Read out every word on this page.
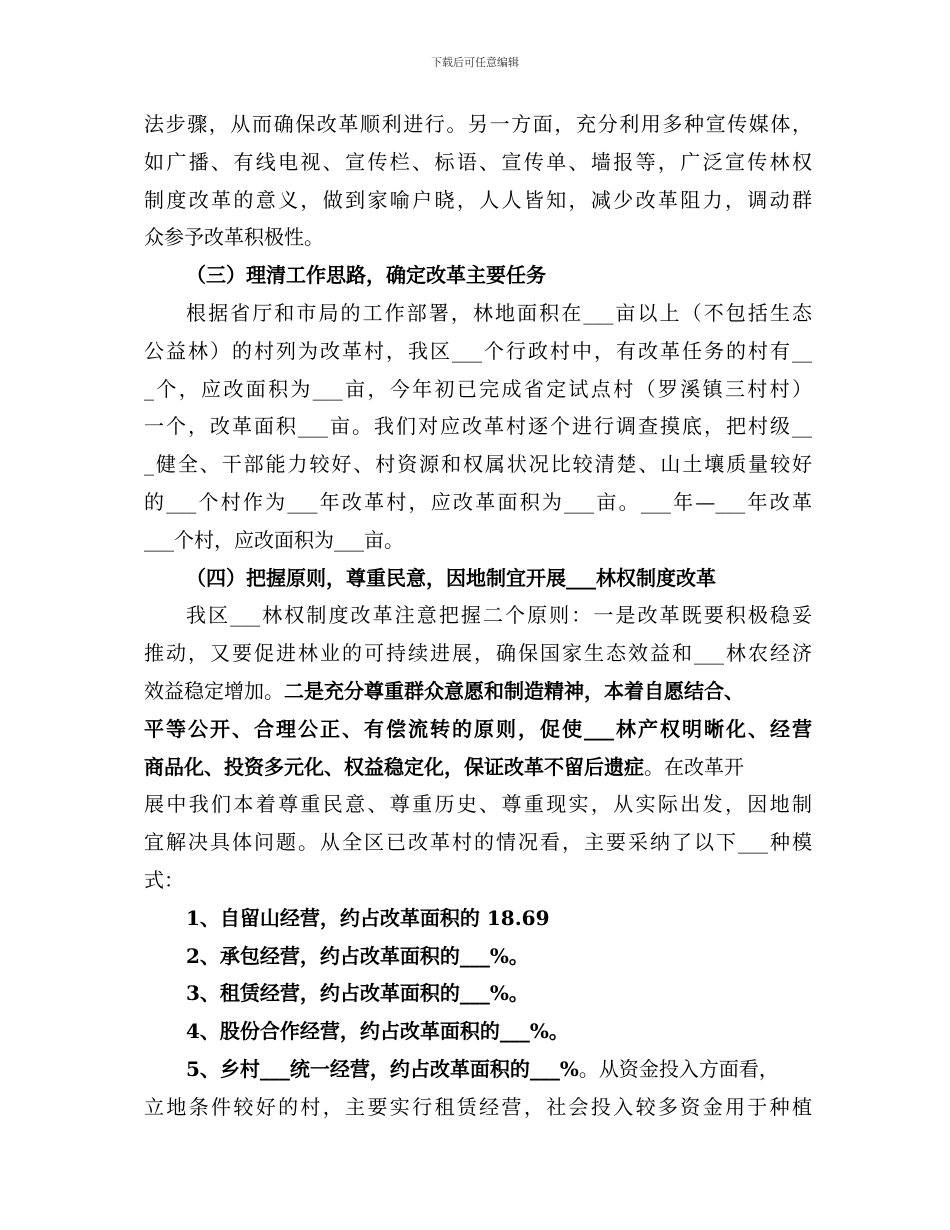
下载后可任意编辑
法步骤，从而确保改革顺利进行。另一方面，充分利用多种宣传媒体，
如广播、有线电视、宣传栏、标语、宣传单、墙报等，广泛宣传林权
制度改革的意义，做到家喻户晓，人人皆知，减少改革阻力，调动群
众参予改革积极性。
（三）理清工作思路，确定改革主要任务
根据省厅和市局的工作部署，林地面积在___亩以上（不包括生态
公益林）的村列为改革村，我区___个行政村中，有改革任务的村有__
_个，应改面积为___亩，今年初已完成省定试点村（罗溪镇三村村）
一个，改革面积___亩。我们对应改革村逐个进行调查摸底，把村级__
_健全、干部能力较好、村资源和权属状况比较清楚、山土壤质量较好
的___个村作为___年改革村，应改革面积为___亩。___年—___年改革
___个村，应改面积为___亩。
（四）把握原则，尊重民意，因地制宜开展___林权制度改革
我区___林权制度改革注意把握二个原则：一是改革既要积极稳妥
推动，又要促进林业的可持续进展，确保国家生态效益和___林农经济
效益稳定增加。二是充分尊重群众意愿和制造精神，本着自愿结合、
平等公开、合理公正、有偿流转的原则，促使___林产权明晰化、经营
商品化、投资多元化、权益稳定化，保证改革不留后遗症。在改革开
展中我们本着尊重民意、尊重历史、尊重现实，从实际出发，因地制
宜解决具体问题。从全区已改革村的情况看，主要采纳了以下___种模
式：
1、自留山经营，约占改革面积的 18.69
2、承包经营，约占改革面积的___%。
3、租赁经营，约占改革面积的___%。
4、股份合作经营，约占改革面积的___%。
5、乡村___统一经营，约占改革面积的___%。从资金投入方面看，
立地条件较好的村，主要实行租赁经营，社会投入较多资金用于种植
